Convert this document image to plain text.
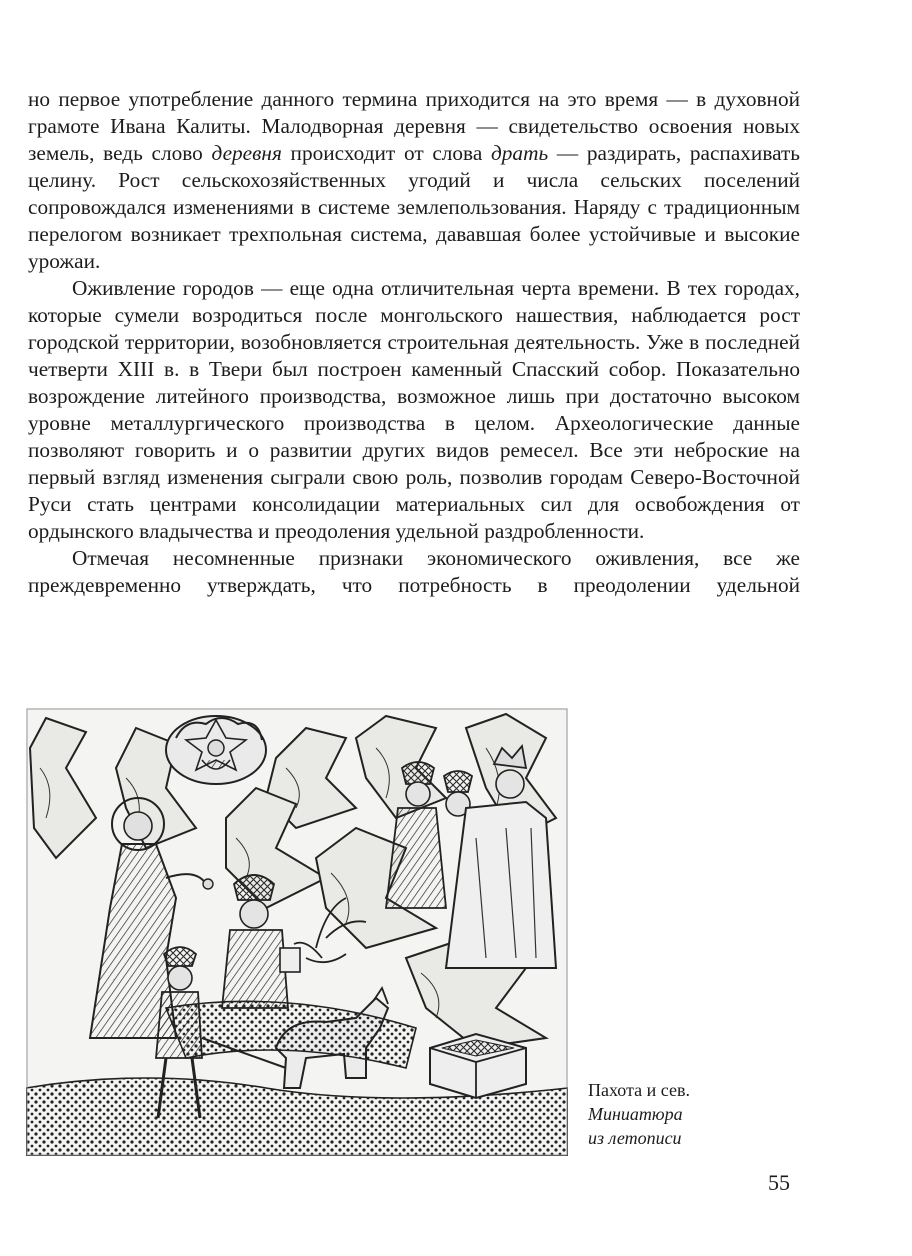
но первое употребление данного термина приходится на это время — в духовной грамоте Ивана Калиты. Малодворная деревня — свидетельство освоения новых земель, ведь слово деревня происходит от слова драть — раздирать, распахивать целину. Рост сельскохозяйственных угодий и числа сельских поселений сопровождался изменениями в системе землепользования. Наряду с традиционным перелогом возникает трехпольная система, дававшая более устойчивые и высокие урожаи.

Оживление городов — еще одна отличительная черта времени. В тех городах, которые сумели возродиться после монгольского нашествия, наблюдается рост городской территории, возобновляется строительная деятельность. Уже в последней четверти XIII в. в Твери был построен каменный Спасский собор. Показательно возрождение литейного производства, возможное лишь при достаточно высоком уровне металлургического производства в целом. Археологические данные позволяют говорить и о развитии других видов ремесел. Все эти неброские на первый взгляд изменения сыграли свою роль, позволив городам Северо-Восточной Руси стать центрами консолидации материальных сил для освобождения от ордынского владычества и преодоления удельной раздробленности.

Отмечая несомненные признаки экономического оживления, все же преждевременно утверждать, что потребность в преодолении удельной

Пахота и сев.
Миниатюра
из летописи
55
